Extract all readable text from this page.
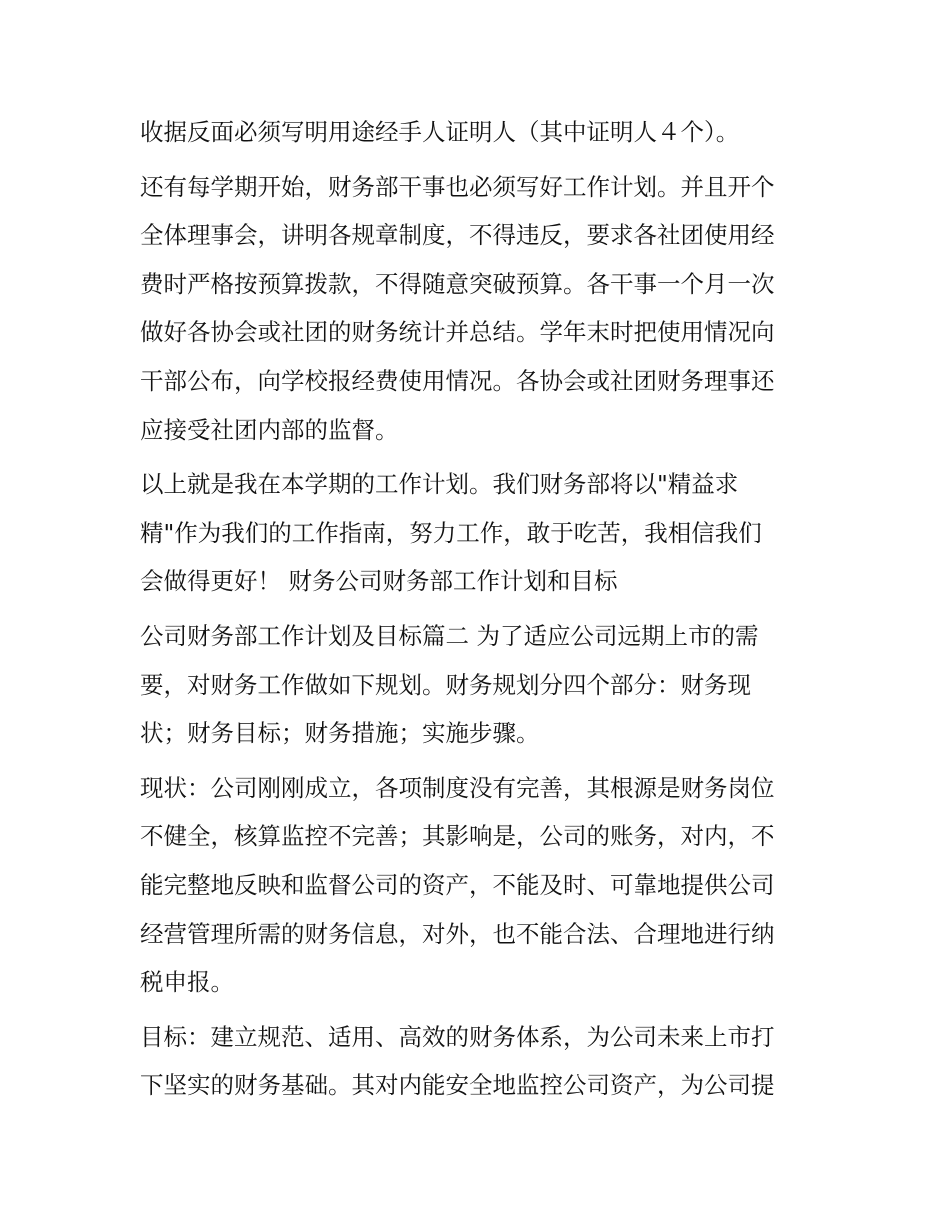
收据反面必须写明用途经手人证明人（其中证明人４个）。
还有每学期开始，财务部干事也必须写好工作计划。并且开个
全体理事会，讲明各规章制度，不得违反，要求各社团使用经
费时严格按预算拨款，不得随意突破预算。各干事一个月一次
做好各协会或社团的财务统计并总结。学年末时把使用情况向
干部公布，向学校报经费使用情况。各协会或社团财务理事还
应接受社团内部的监督。
以上就是我在本学期的工作计划。我们财务部将以"精益求
精"作为我们的工作指南，努力工作，敢于吃苦，我相信我们
会做得更好！ 财务公司财务部工作计划和目标
公司财务部工作计划及目标篇二 为了适应公司远期上市的需
要，对财务工作做如下规划。财务规划分四个部分：财务现
状；财务目标；财务措施；实施步骤。
现状：公司刚刚成立，各项制度没有完善，其根源是财务岗位
不健全，核算监控不完善；其影响是，公司的账务，对内，不
能完整地反映和监督公司的资产，不能及时、可靠地提供公司
经营管理所需的财务信息，对外，也不能合法、合理地进行纳
税申报。
目标：建立规范、适用、高效的财务体系，为公司未来上市打
下坚实的财务基础。其对内能安全地监控公司资产，为公司提
